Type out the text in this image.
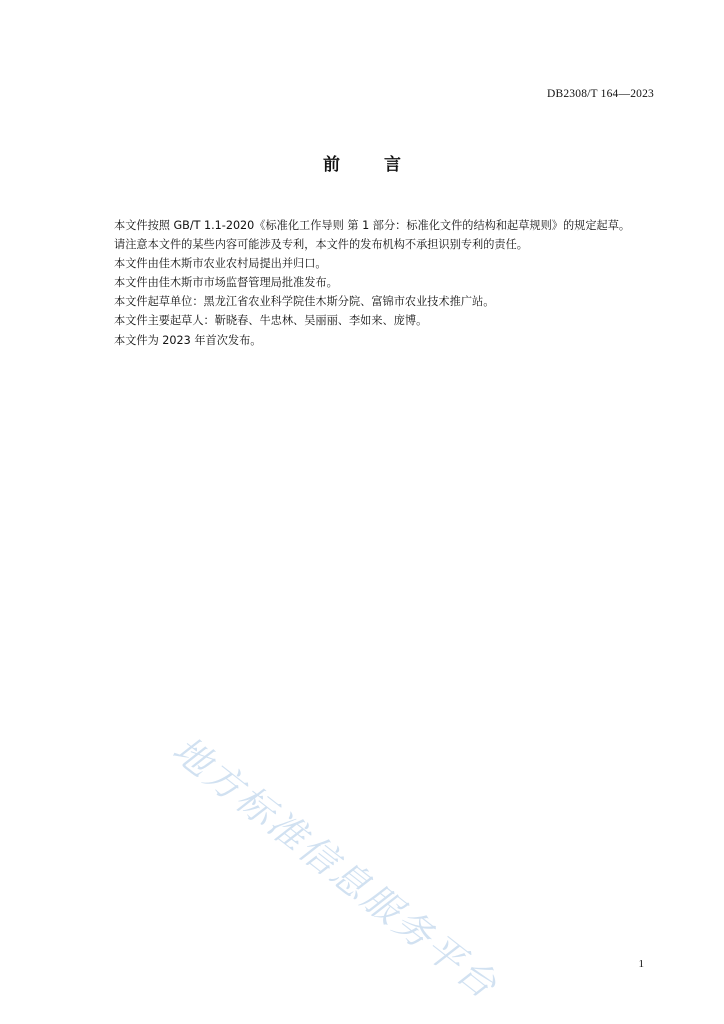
DB2308/T 164—2023
前	言

本文件按照 GB/T 1.1-2020《标准化工作导则 第 1 部分：标准化文件的结构和起草规则》的规定起草。

请注意本文件的某些内容可能涉及专利，本文件的发布机构不承担识别专利的责任。

本文件由佳木斯市农业农村局提出并归口。

本文件由佳木斯市市场监督管理局批准发布。

本文件起草单位：黑龙江省农业科学院佳木斯分院、富锦市农业技术推广站。

本文件主要起草人：靳晓春、牛忠林、吴丽丽、李如来、庞博。

本文件为 2023 年首次发布。

地方标准信息服务平台	1
